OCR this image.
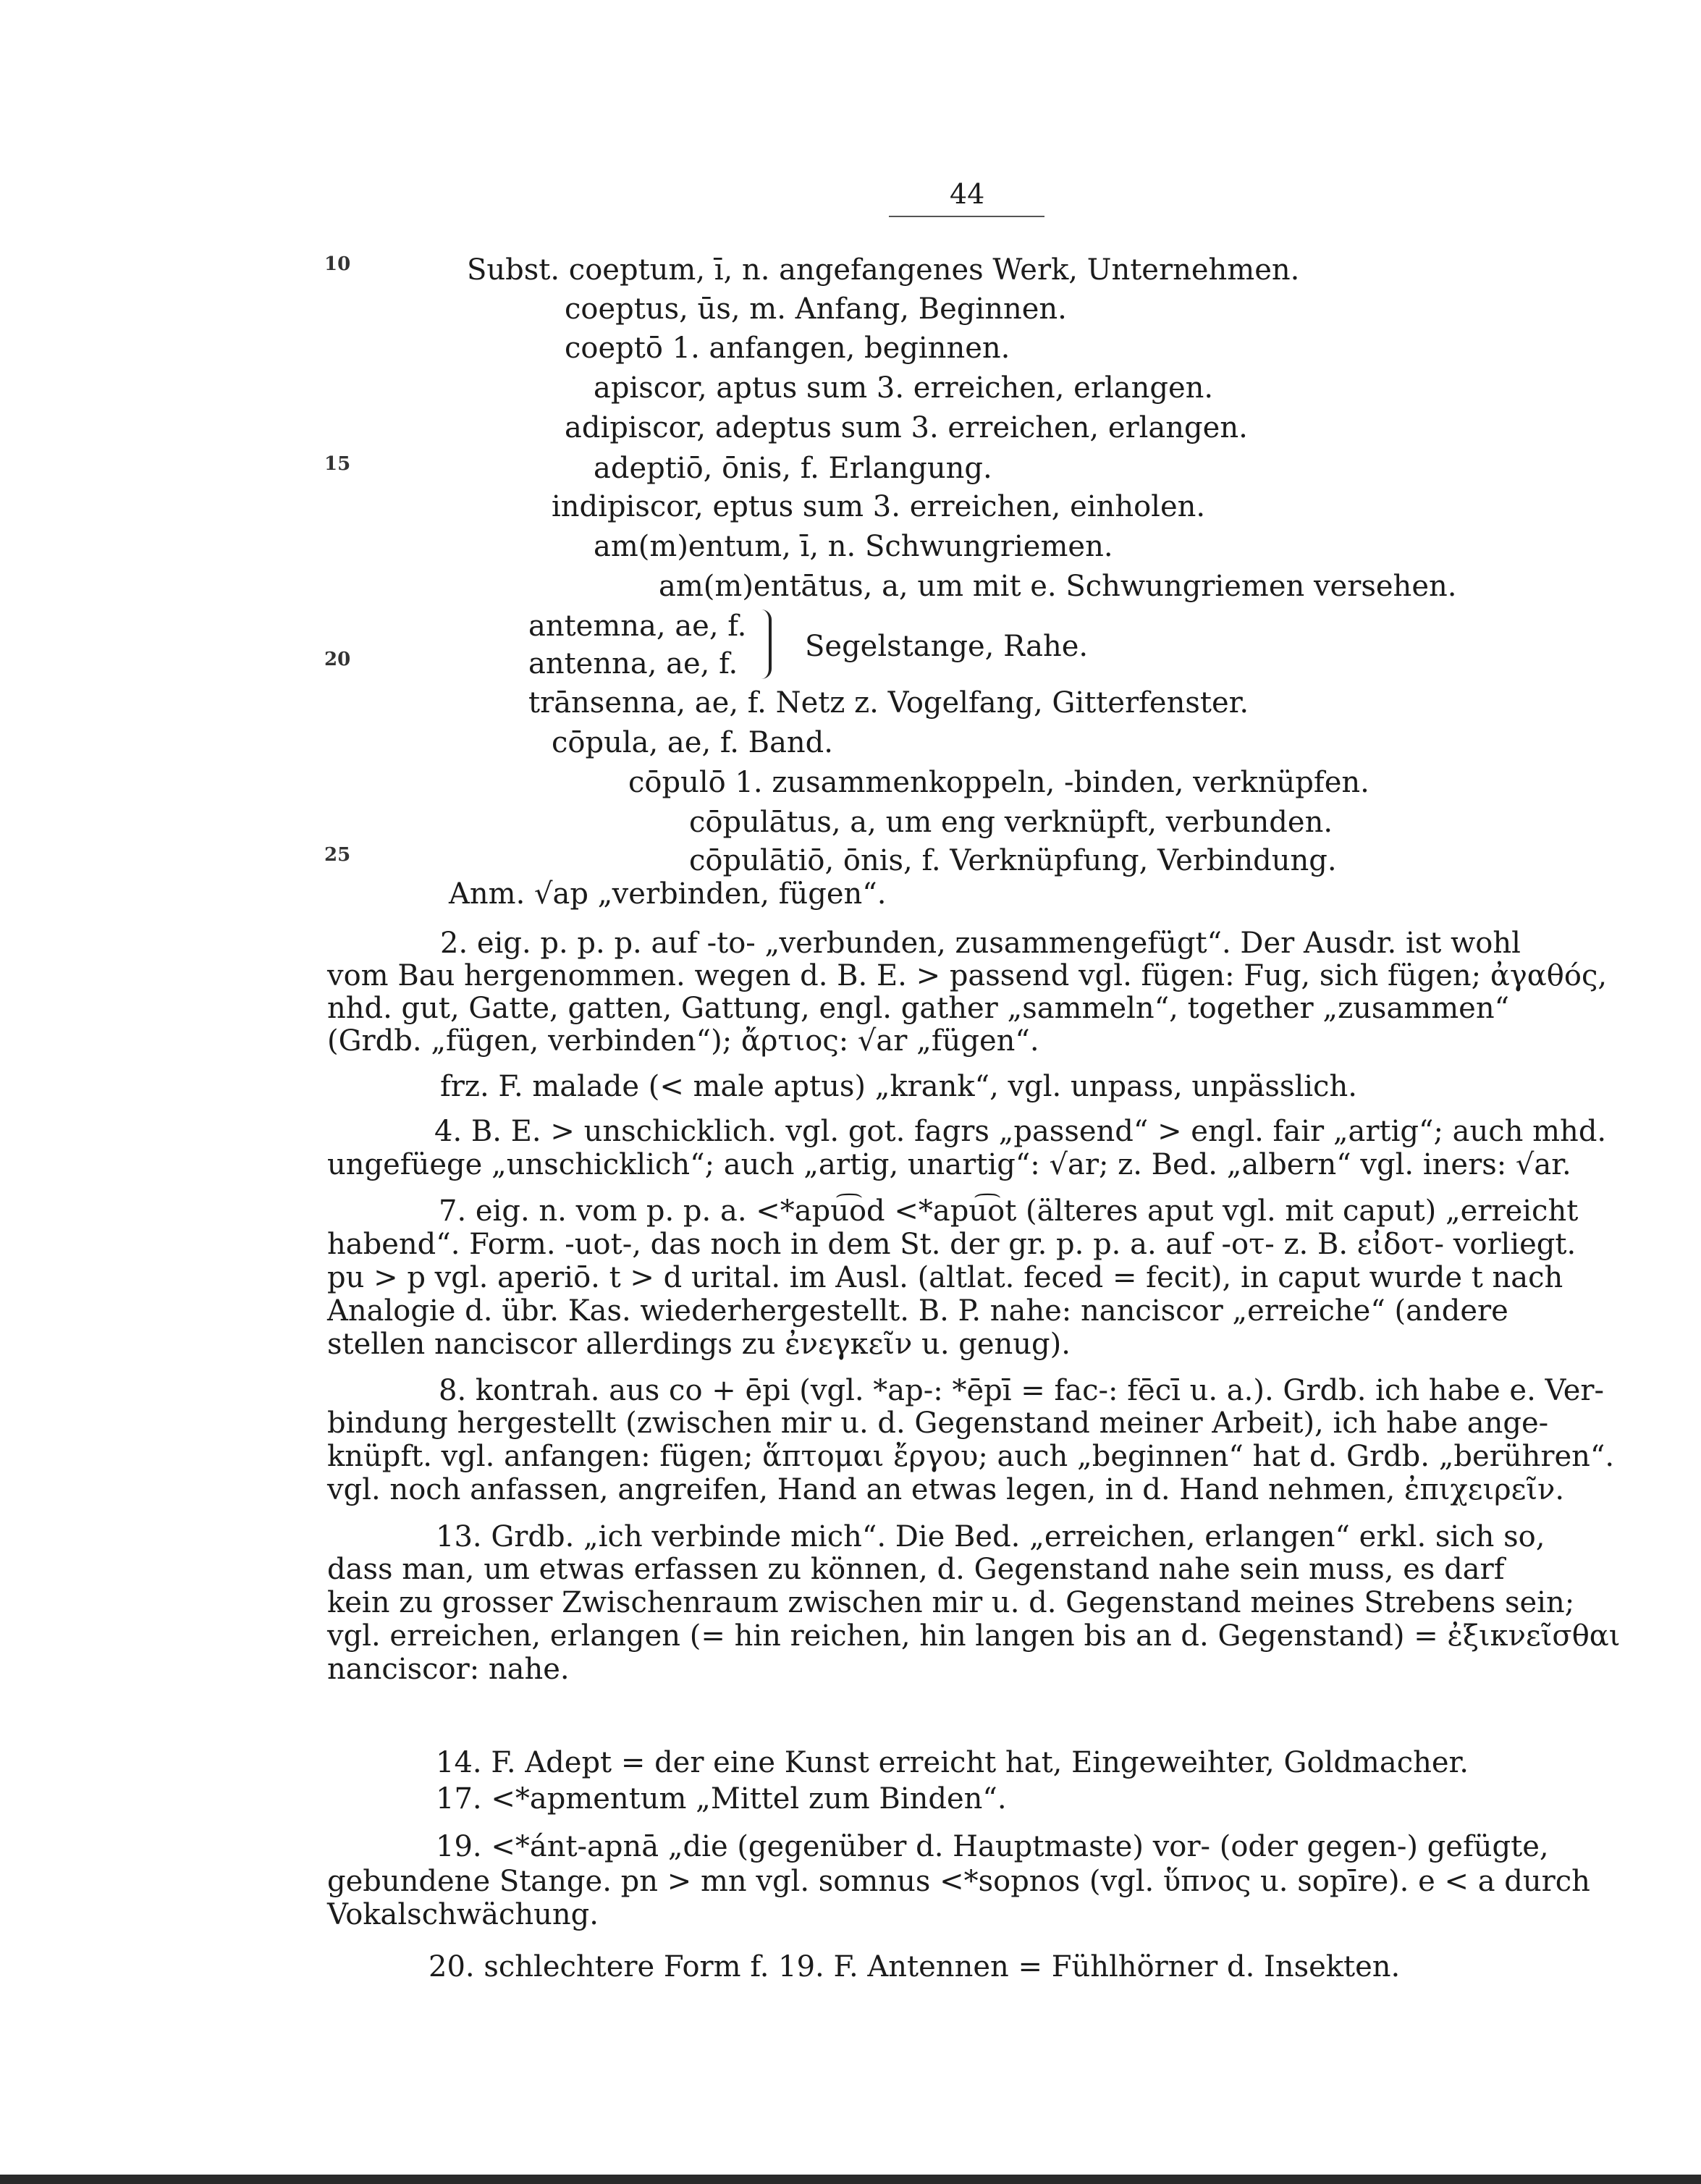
44
10
15
20
25
Subst. coeptum, ī, n. angefangenes Werk, Unternehmen.
coeptus, ūs, m. Anfang, Beginnen.
coeptō 1. anfangen, beginnen.
apiscor, aptus sum 3. erreichen, erlangen.
adipiscor, adeptus sum 3. erreichen, erlangen.
adeptiō, ōnis, f. Erlangung.
indipiscor, eptus sum 3. erreichen, einholen.
am(m)entum, ī, n. Schwungriemen.
am(m)entātus, a, um mit e. Schwungriemen versehen.
antemna, ae, f.
antenna, ae, f.
Segelstange, Rahe.
trānsenna, ae, f. Netz z. Vogelfang, Gitterfenster.
cōpula, ae, f. Band.
cōpulō 1. zusammenkoppeln, -binden, verknüpfen.
cōpulātus, a, um eng verknüpft, verbunden.
cōpulātiō, ōnis, f. Verknüpfung, Verbindung.
Anm. √ap „verbinden, fügen“.
2. eig. p. p. p. auf -to- „verbunden, zusammengefügt“. Der Ausdr. ist wohl
vom Bau hergenommen. wegen d. B. E. > passend vgl. fügen: Fug, sich fügen; ἀγαθός,
nhd. gut, Gatte, gatten, Gattung, engl. gather „sammeln“, together „zusammen“
(Grdb. „fügen, verbinden“); ἄρτιος: √ar „fügen“.
frz. F. malade (< male aptus) „krank“, vgl. unpass, unpässlich.
4. B. E. > unschicklich. vgl. got. fagrs „passend“ > engl. fair „artig“; auch mhd.
ungefüege „unschicklich“; auch „artig, unartig“: √ar; z. Bed. „albern“ vgl. iners: √ar.
7. eig. n. vom p. p. a. <*apu͡od <*apu͡ot (älteres aput vgl. mit caput) „erreicht
habend“. Form. -uot-, das noch in dem St. der gr. p. p. a. auf -οτ- z. B. εἰδοτ- vorliegt.
pu > p vgl. aperiō. t > d urital. im Ausl. (altlat. feced = fecit), in caput wurde t nach
Analogie d. übr. Kas. wiederhergestellt. B. P. nahe: nanciscor „erreiche“ (andere
stellen nanciscor allerdings zu ἐνεγκεῖν u. genug).
8. kontrah. aus co + ēpi (vgl. *ap-: *ēpī = fac-: fēcī u. a.). Grdb. ich habe e. Ver-
bindung hergestellt (zwischen mir u. d. Gegenstand meiner Arbeit), ich habe ange-
knüpft. vgl. anfangen: fügen; ἅπτομαι ἔργου; auch „beginnen“ hat d. Grdb. „berühren“.
vgl. noch anfassen, angreifen, Hand an etwas legen, in d. Hand nehmen, ἐπιχειρεῖν.
13. Grdb. „ich verbinde mich“. Die Bed. „erreichen, erlangen“ erkl. sich so,
dass man, um etwas erfassen zu können, d. Gegenstand nahe sein muss, es darf
kein zu grosser Zwischenraum zwischen mir u. d. Gegenstand meines Strebens sein;
vgl. erreichen, erlangen (= hin reichen, hin langen bis an d. Gegenstand) = ἐξικνεῖσθαι
nanciscor: nahe.
14. F. Adept = der eine Kunst erreicht hat, Eingeweihter, Goldmacher.
17. <*apmentum „Mittel zum Binden“.
19. <*ánt-apnā „die (gegenüber d. Hauptmaste) vor- (oder gegen-) gefügte,
gebundene Stange. pn > mn vgl. somnus <*sopnos (vgl. ὕπνος u. sopīre). e < a durch
Vokalschwächung.
20. schlechtere Form f. 19. F. Antennen = Fühlhörner d. Insekten.
